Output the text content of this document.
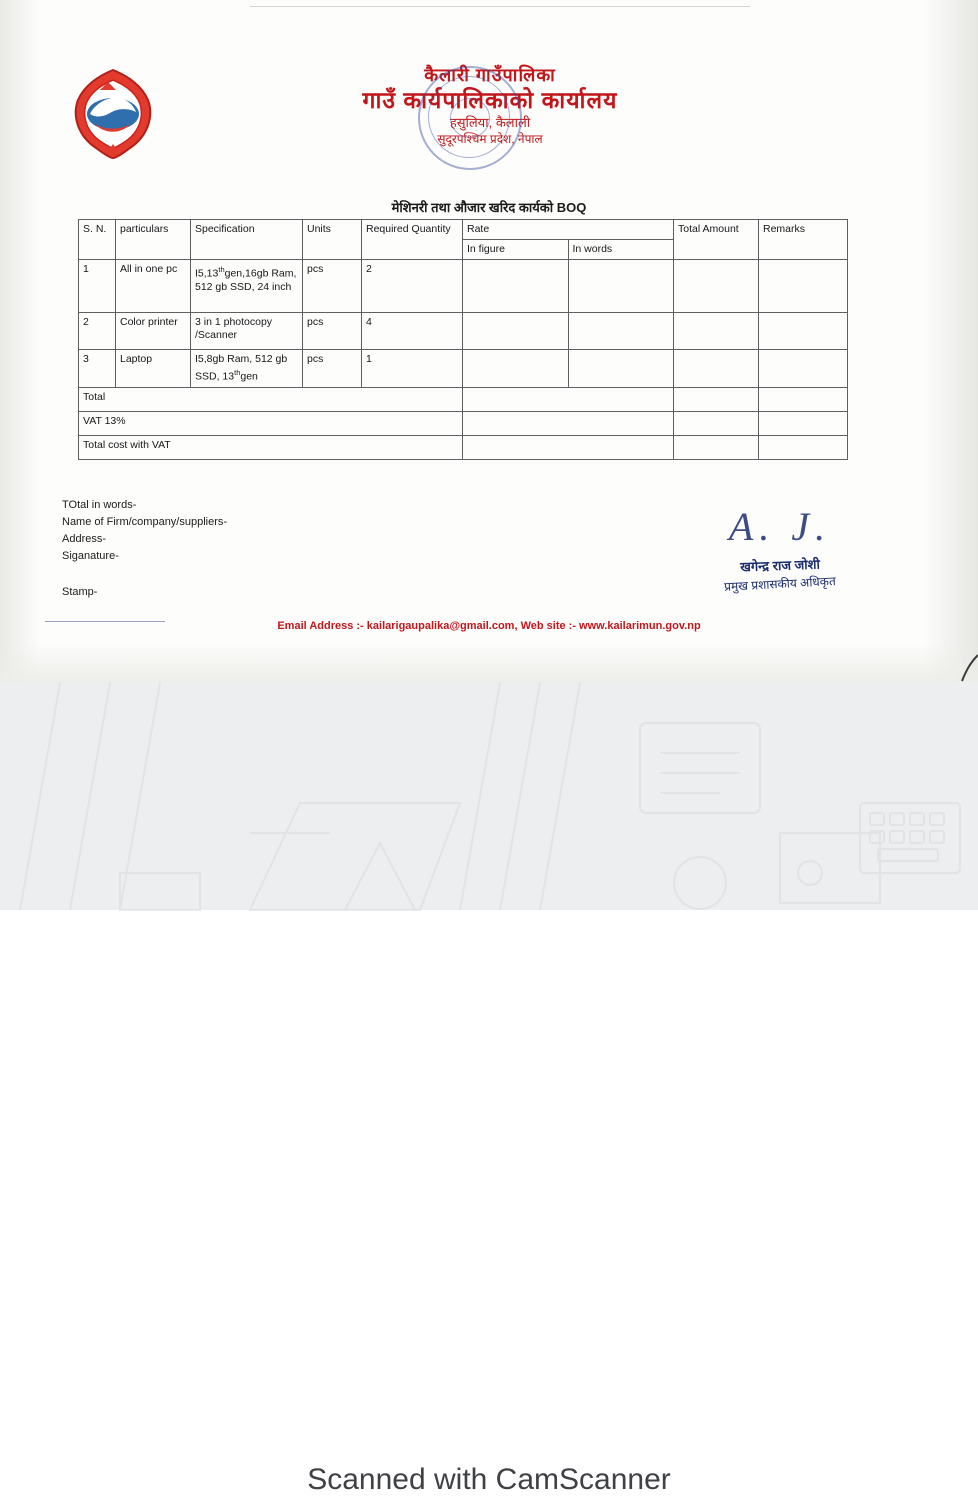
कैलारी गाउँपालिका
गाउँ कार्यपालिकाको कार्यालय
हसुलिया, कैलाली
सुदूरपश्चिम प्रदेश, नेपाल
मेशिनरी तथा औजार खरिद कार्यको BOQ
S. N.	particulars	Specification	Units	Required Quantity	Rate		Total Amount	Remarks
					In figure	In words		
1	All in one pc	I5,13thgen,16gb Ram, 512 gb SSD, 24 inch	pcs	2				
2	Color printer	3 in 1 photocopy /Scanner	pcs	4				
3	Laptop	I5,8gb Ram, 512 gb SSD, 13thgen	pcs	1				
Total								
VAT 13%								
Total cost with VAT								
TOtal in words-
Name of Firm/company/suppliers-
Address-
Siganature-
Stamp-
A. J.
खगेन्द्र राज जोशी
प्रमुख प्रशासकीय अधिकृत
Email Address :- kailarigaupalika@gmail.com, Web site :- www.kailarimun.gov.np
Scanned with CamScanner
